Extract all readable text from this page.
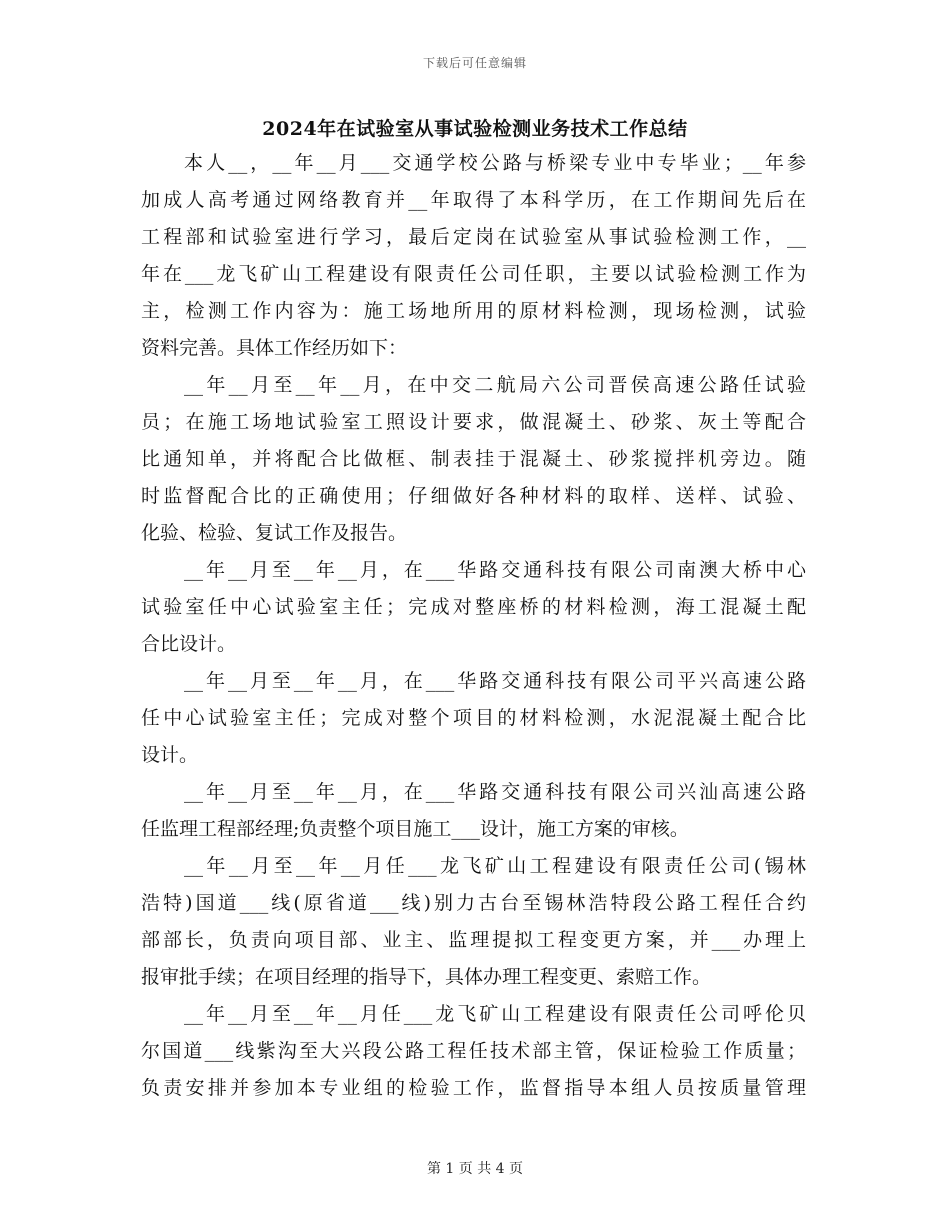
下载后可任意编辑
2024年在试验室从事试验检测业务技术工作总结
本人__，__年__月___交通学校公路与桥梁专业中专毕业；__年参
加成人高考通过网络教育并__年取得了本科学历，在工作期间先后在
工程部和试验室进行学习，最后定岗在试验室从事试验检测工作，__
年在___龙飞矿山工程建设有限责任公司任职，主要以试验检测工作为
主，检测工作内容为：施工场地所用的原材料检测，现场检测，试验
资料完善。具体工作经历如下：
__年__月至__年__月，在中交二航局六公司晋侯高速公路任试验
员；在施工场地试验室工照设计要求，做混凝土、砂浆、灰土等配合
比通知单，并将配合比做框、制表挂于混凝土、砂浆搅拌机旁边。随
时监督配合比的正确使用；仔细做好各种材料的取样、送样、试验、
化验、检验、复试工作及报告。
__年__月至__年__月，在___华路交通科技有限公司南澳大桥中心
试验室任中心试验室主任；完成对整座桥的材料检测，海工混凝土配
合比设计。
__年__月至__年__月，在___华路交通科技有限公司平兴高速公路
任中心试验室主任；完成对整个项目的材料检测，水泥混凝土配合比
设计。
__年__月至__年__月，在___华路交通科技有限公司兴汕高速公路
任监理工程部经理;负责整个项目施工___设计，施工方案的审核。
__年__月至__年__月任___龙飞矿山工程建设有限责任公司(锡林
浩特)国道___线(原省道___线)别力古台至锡林浩特段公路工程任合约
部部长，负责向项目部、业主、监理提拟工程变更方案，并___办理上
报审批手续；在项目经理的指导下，具体办理工程变更、索赔工作。
__年__月至__年__月任___龙飞矿山工程建设有限责任公司呼伦贝
尔国道___线紫沟至大兴段公路工程任技术部主管，保证检验工作质量；
负责安排并参加本专业组的检验工作，监督指导本组人员按质量管理
第 1 页 共 4 页
